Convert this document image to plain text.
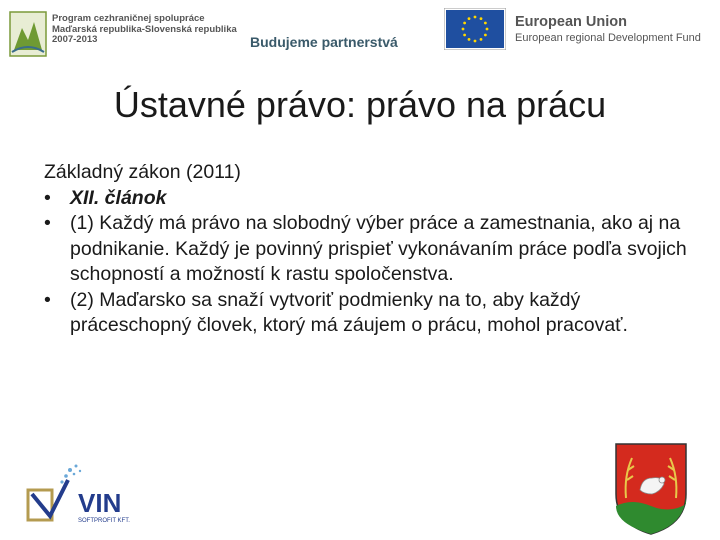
Program cezhraničnej spolupráce
Maďarská republika-Slovenská republika
2007-2013	Budujeme partnerstvá
European Union
European regional Development Fund
Ústavné právo: právo na prácu
Základný zákon (2011)
• XII. článok
• (1) Každý má právo na slobodný výber práce a zamestnania, ako aj na podnikanie. Každý je povinný prispieť vykonávaním práce podľa svojich schopností a možností k rastu spoločenstva.
• (2) Maďarsko sa snaží vytvoriť podmienky na to, aby každý práceschopný človek, ktorý má záujem o prácu, mohol pracovať.
VIN
SOFTPROFIT KFT.
